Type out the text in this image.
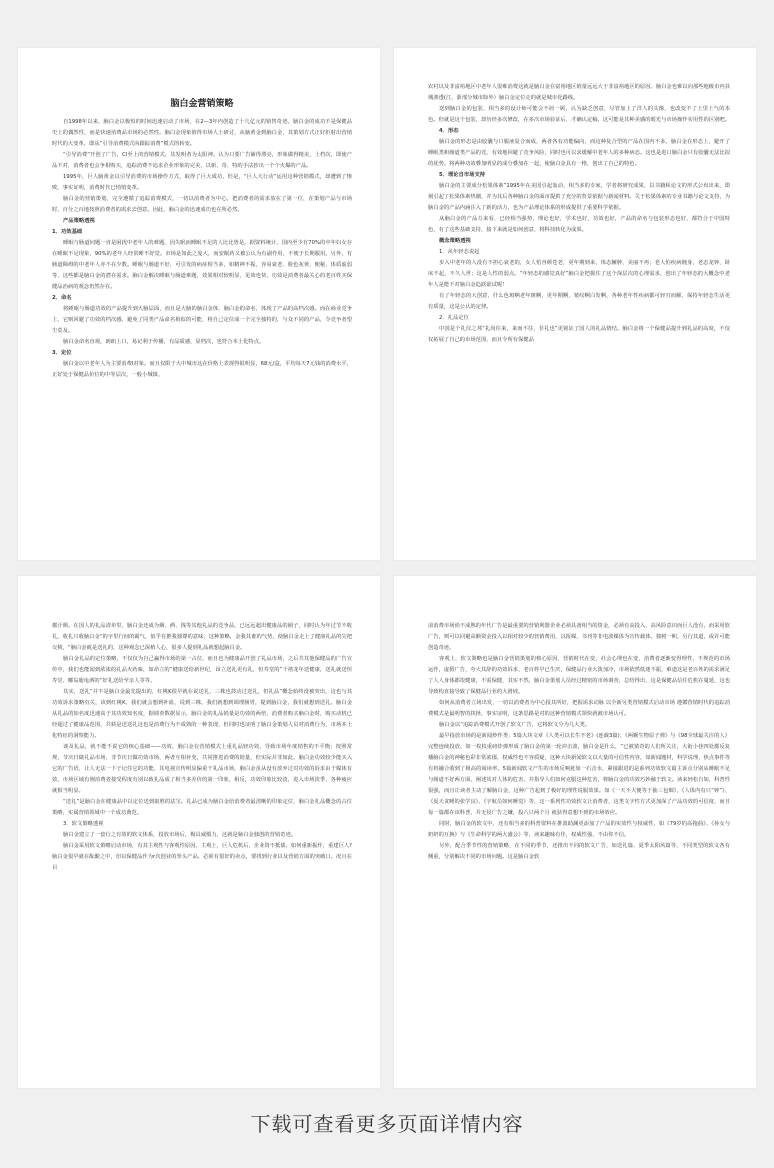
脑白金营销策略

自1998年以来，脑白金以极短的时间迅速启动了市场，在2—3年内创造了十几亿元的销售奇迹。脑白金的成功不是保健品史上的偶然性，而是快速消费品市场的必然性。脑白金现象值得市场人士研讨，从脑黄金到脑白金，其策划方式正好折射出营销时代的大变革，即从“引导消费模式向跟踪消费”模式的转变。

“引导消费”开创了广告，CI至上的营销模式，其发明者为太阳神。认为只要广告铺得漂亮，形象做得精美，上档次，即使产品不对，消费者也会争相购买，追踪消费不追求企业形象的完美，以新、奇、特的手法抄出一个个火爆的产品。

1995年，巨人脑黄金以引导消费的市场操作方式，取得了巨大成功，但是，“巨人大行动”运用这种营销模式，却遭到了惨败，事实证明，消费时代已悄悄变革。

脑白金的营销策划，完全遵循了追踪消费模式，一切以消费者为中心，把消费者的需求放在了第一位，在策划产品与市场时，百分之百地按照消费者的需求去创意。因此，脑白金的迅速成功也在所必然。

产品策略透视

1．功效基础

睡眠与肠道问题一直是困扰中老年人的难题，因失眠而睡眠不足的人比比皆是。据资料统计，国内至少有70%的中年妇女存在睡眠不足现象，90%的老年人经常睡不好觉。市场是如此之庞大，而安眠药又被公认为有副作用，不便于长期服用。另外，有肠道障碍的中老年人亦不在少数。睡眠与肠道不好，可引发的病症相当多，如精神不振，容易衰老、脸色灰黄、便秘、体质虚弱等，这些都是脑白金的潜在需求。脑白金解决睡眠与肠道难题，效果相对较明显，见效也快，功效是消费者最关心的老百姓买保健品治病的观念仍然存在。

2．命名

将睡眠与肠道功效的产品提升到大脑层面，而且是大脑的脑白金体，脑白金的命名，体现了产品的高档次感。而在商业竞争上，它则回避了功效的档次感，避免了同类产品命名相似的可能，将自己定位成一个完全独特的，与众不同的产品，令竞争者望尘莫及。

脑白金命名直观，朗朗上口，易记利于传播，有品质感，显档次，也符合本土化特点。

3．定位

脑白金以中老年人为主要消费Ⅰ对象。而且仅限于大中城市这在价格上表现得很明显，68元/盒，平均每天7元钱的消费水平，正好处于保健品价位的中等层次，一般小城镇、

农村以及非富裕地区中老年人很难消费这就是脑白金在富裕地区销量远远大于非富裕地区的原因。脑白金也难以向那些地级市内县城渗透(江、浙部分城市除外）脑白金定位走的就是城市化路线。

送到脑白金的包装、相当多的设计师可能会不屑一顾，认为缺乏创意，尽管加上了洋人的头像，也改变不了土里土气的本色。但就是这个包装，却历经多次修改，在多次市场验证后，才确认定稿，这可能是其种美感的眼光与市场操作实用性的区别吧。

4．形态

脑白金的形态是由胶囊与口服液复合而成，两者各有功能偏向，而这种复合型的产品在国内不多。脑白金在形态上，避开了睡眠类和肠道类产品的竞，有效地回避了竞争风险，同时也可以求缓解中老年人的多种病态。这也是进口脑白金只有胶囊无法比拟的优势。将两种功效叠加明显的成分叠加在一起，使脑白金具有一格，创出了自己的特色。

5．理论自市场支持

脑白金的主要成分松果体素”1995年在美国引起轰动，相当多的专家，学者将研究成果，以书籍和论文的形式公布出来，即刻引起了松果体素热潮，并为其后各种脑白金的面市提供了充分的背景依据与新闻材料。关于松果体素的专业书籍与论文支持，为脑白金的产品内涵注入了新的活力，也为产品理论体系的形成提供了重要科学依据。

从脑白金的产品力来看，已经相当强势，理论也好，学术也好，功效也好，产品的命名与包装形态也好，都符合于中国特色，有了这些基础支持，接下来就是如何创意，将科技转化为成果。

概念策略透视

1．从年轻态说起

步入中老年的人没有不担心衰老的，女人怕容颜苍老，更年期到来，体态臃肿，美丽不再；老人怕疾病缠身，老态龙钟，卧床不起，不久人世；这是人性的弱点。“年轻态的感觉真好”脑白金把握住了这个深层次的心理需求，创出了年轻态的大概念中老年人是能不对脑白金趋跃欲试呢！

有了年轻态的大创意，什么色斑啊老年斑啊，更年期啊，皱纹啊白发啊，各种老年性疾病都可轻刃而解，保持年轻态生活更有质量，这是公认的定律。

2．礼品定位

中国是个礼仪之邦“礼尚往来，来而不往，非礼也”更铭证了国人的礼品情结。脑白金将一个保健品提升到礼品的高度，不仅仅拓展了自己的市场范围，而且令所有保健品

都汗颜。在国人的礼品清单里，脑白金还成为烟、酒、钱等其他礼品的竞争品，已远远超出健康品的圈子，同时认为年过节不收礼，收礼只收脑白金“的字里行间的霸气，似乎有推我独尊的意味，这种策略，金我其谁的气势，使脑白金走上了健康礼品的尖把交椅，“脑白金就是送礼的，这种观念已深植人心，很多人提到礼品就想起脑白金。

脑白金礼品的定位策略，不仅仅为自己赢得市场的第一占位，而且也为健康品开创了礼品市场，之后共其他保健品的广告宣传中，我们也能闻到浓浓的礼品火药味，如昂立的“健康送给新世纪，昂立送礼更有礼，恒寿堂的”千禧龙年送健康，送礼就送恒寿堂、椰岛鹿龟酒的“好礼送给至亲人等等。

其实，送礼“并不是脑白金最先提出的，红桃K很早就在说送礼，三株也鼓动过送礼，但礼品”概念始终没被突出，这也与其功效诉求策略有关，该到红桃K，我们就会想到补血，说到三株，我们就想到调理肠胃，提到脑白金，我们就想到送礼。脑白金从礼品的知名度迅速高于其功效知名度，据调查数据显示，脑白金的礼品销量是功效的两倍，消费者购买脑白金时，购买动机已经超过了健康品范围，共转是送送礼这也是消费行为不成熟的一种表现，但同时也证明了脑白金策划人员对消费行为，市场本土化特征的洞察能力。

谈及礼品，就不能不说它的核心基础——功效，脑白金在营销模式上重礼品轻功效，导致市场年度销售的不平衡；按照常规，节庆日做礼品市场，非节庆日做功效市场，两者互相补充，共同推进消费的销量，但实际并非如此，脑白金功效较少能买入它的广告语，让人无法一下子记住它的功能，其电视宣传明显偏重干礼品市场，脑白金虽从没有放弃过对功效的诉求由于媒体有效，市场区域有刚消费者接受程度有别以致礼品成了相当多差价的第一印象，相反，功效印象比较淡，进入市场淡季，各种疲应就相当明显。

“送礼”是脑白金在健康品中以定位送到取胜的法宝。礼品已成为脑白金给消费者最清晰的印象定位，脑白金礼品概念的占位策略，实属营销领域中一个成功典范。

3．软文策略透视

脑白金建立了一套行之有效的软文体系，投放市场后，极具威慑力，这就是脑白金独创的营销奇迹。

脑白金采用软文策略启动市场，有其主观性与客观性原因。主观上，巨人危机后，企业资不抵债，如何重新振作，重建巨人?脑白金很早就在酝酿之中，但以保健品作为r次创业的拳头产品，必须有很好的卖点，要找到行业以及营销方面的突破口。况且在目

前消费市场尚不成熟的年代广告是最重要的营销利器企业必须具备相当的资金，必须有高投入，高风险意识而巨人没有，而采用软广告，则可以回避高额资金投入以相对较少的营销费用，以报媒，书刊等非电波媒体为宣传载体，独树一帜，另行其道，或许可能创造奇迹。

客观上，软文策略也是脑白金营销策划的核心原因，营销时代在变，社会心理也在变，消费者逐渐变得理性，不规范的市场运作，虚假广告，夸大其辞的功效诉求，老百姓早已生厌，保健品行业大泼加冷，市场依然低迷不振，难道这是老百姓的需求满足了人人身体都很健康，不需保健，其实不然，脑白金策划人员经过精密的市场调查，总结得出，这是保健品信任危机在蔓延，这也导致构直接导致了保健品行业的大滑坡。

如何从消费者立场出发，一切以消费者为中心投其所好，把握需求动脉 以全新另类营销模式启动市场 遵循营销时代的追踪消费模式是最明智的抉择，事实证明，这条思路是对的这种营销模式领快就被市场认可。

脑白金以“追踪消费模式开创了软文广告，它将软文分为几大类。

最早投放市场的是新闻炒作类：5篇大块文章《人类可以长生不老》(连载3篇)、《两颗生物原子弹》与《98全球最关注的人》完整连续投放，如一枚枚重磅炸弹形成了脑白金的第一轮冲击波，脑白金是什么，“已被猜奇的人们所关注，大街小巷四处都反复播脑白金的神秘色彩非常浓郁，权威性也不容质疑，这种大块新闻软文以大量的可信性内容，如新闻题材，科学说理，焦点事件等有机融合收到了极高的阅读率。5篇新闻软文产生的市场反响犹如一石击水，紧接跟进的是系列功效软文篇主诉点分别从睡眠不足与肠道不好两方面，阐述其对人体的危害，并指导人们如何克服这种危害，将脑白金的功效巧妙融于软文。读来轻松自如，科普性很强，而且让读者主动了解脑白金，这种广告起到了极好的理性说服效果。如《一天不大便等于抽三包烟》、《人体内有只“钟”》、《夏天贪睡的张学良》、《宇航员如何睡觉》等，这一系列性功效软文让消费者，这类文字性方式更加深了产品功效的可信度，而且每一篇都在该科普，并无侵广告之嫌，投八只两个月 就获得意想不到的市场效应。

同时，脑白金的软文中，还有相当多的科普资料在推波助澜更添加了产品的实效性与权威性，如《79岁的高拖曲》、《孙女与奶奶的互换》与《生命科学的两大盛会》等，读来趣味有佳，权威性强，不由你不信。

另外，配合季节性的营销策略，在不同的季节，还推出不同的软文广告，如送礼篇、夏季太阳风篇等，不同类型的软文各有侧重，分别解决不同的市场问题。这是脑白金软

下载可查看更多页面详情内容
